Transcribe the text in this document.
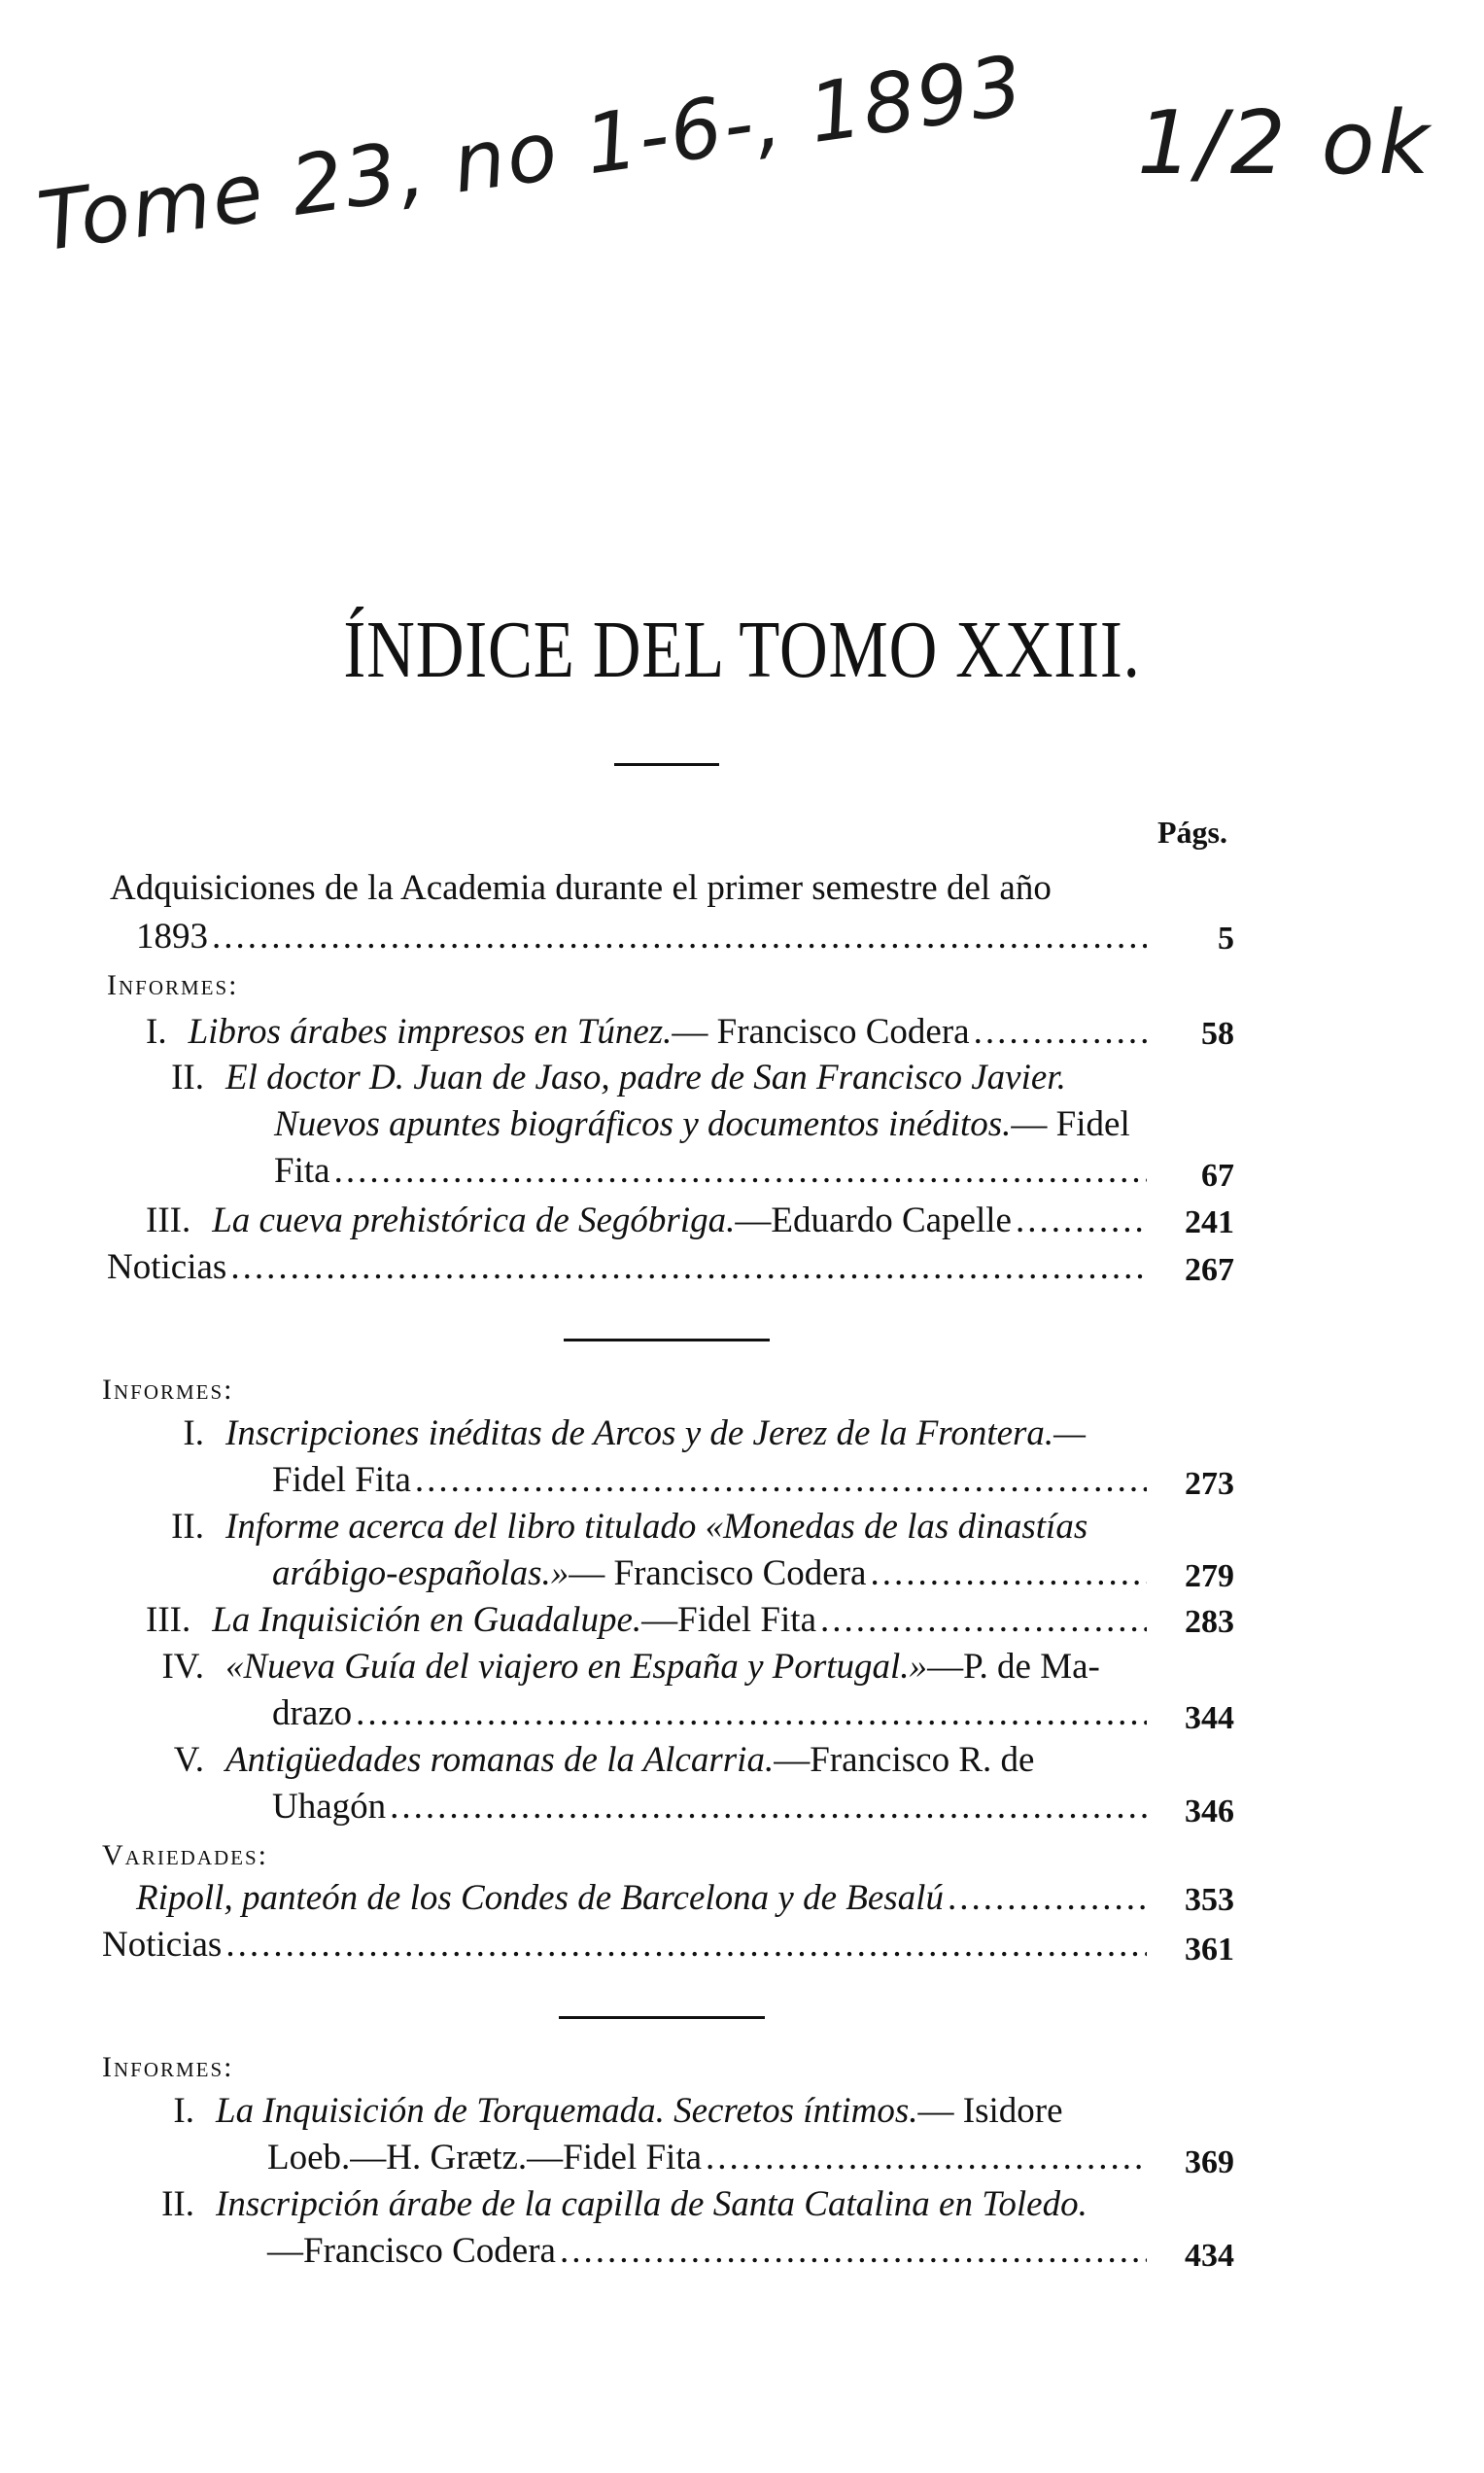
Tome 23, no 1-6-, 1893 1/2 ok
ÍNDICE DEL TOMO XXIII.
Págs.
Adquisiciones de la Academia durante el primer semestre del año
1893 .....	5
Informes:
I. Libros árabes impresos en Túnez. — Francisco Codera .....	58
II. El doctor D. Juan de Jaso, padre de San Francisco Javier.
Nuevos apuntes biográficos y documentos inéditos.— Fidel
Fita .....	67
III. La cueva prehistórica de Segóbriga. —Eduardo Capelle .....	241
Noticias .....	267
Informes:
I. Inscripciones inéditas de Arcos y de Jerez de la Frontera.—
Fidel Fita .....	273
II. Informe acerca del libro titulado «Monedas de las dinastías
arábigo-españolas.» — Francisco Codera .....	279
III. La Inquisición en Guadalupe. —Fidel Fita .....	283
IV. «Nueva Guía del viajero en España y Portugal.»—P. de Ma-
drazo .....	344
V. Antigüedades romanas de la Alcarria.—Francisco R. de
Uhagón .....	346
Variedades:
Ripoll, panteón de los Condes de Barcelona y de Besalú .....	353
Noticias .....	361
Informes:
I. La Inquisición de Torquemada. Secretos íntimos.— Isidore
Loeb.—H. Grætz.—Fidel Fita .....	369
II. Inscripción árabe de la capilla de Santa Catalina en Toledo.
—Francisco Codera .....	434
